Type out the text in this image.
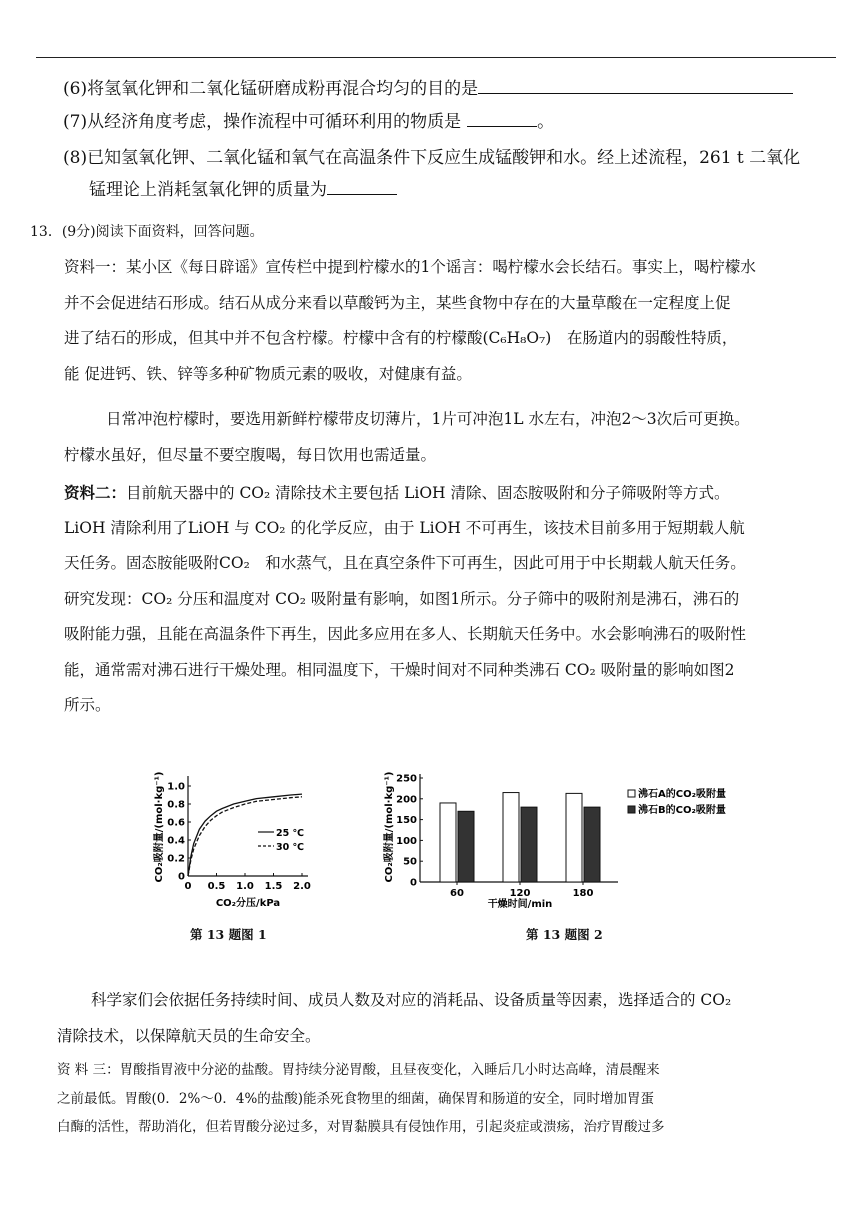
(6)将氢氧化钾和二氧化锰研磨成粉再混合均匀的目的是
(7)从经济角度考虑，操作流程中可循环利用的物质是	。
(8)已知氢氧化钾、二氧化锰和氧气在高温条件下反应生成锰酸钾和水。经上述流程，261 t 二氧化
锰理论上消耗氢氧化钾的质量为
13．(9分)阅读下面资料，回答问题。
资料一：某小区《每日辟谣》宣传栏中提到柠檬水的1个谣言：喝柠檬水会长结石。事实上，喝柠檬水
并不会促进结石形成。结石从成分来看以草酸钙为主，某些食物中存在的大量草酸在一定程度上促
进了结石的形成，但其中并不包含柠檬。柠檬中含有的柠檬酸(C₆H₈O₇)　在肠道内的弱酸性特质，
能 促进钙、铁、锌等多种矿物质元素的吸收，对健康有益。
日常冲泡柠檬时，要选用新鲜柠檬带皮切薄片，1片可冲泡1L 水左右，冲泡2～3次后可更换。
柠檬水虽好，但尽量不要空腹喝，每日饮用也需适量。
资料二：目前航天器中的 CO₂ 清除技术主要包括 LiOH 清除、固态胺吸附和分子筛吸附等方式。
LiOH 清除利用了LiOH 与 CO₂ 的化学反应，由于 LiOH 不可再生，该技术目前多用于短期载人航
天任务。固态胺能吸附CO₂　和水蒸气，且在真空条件下可再生，因此可用于中长期载人航天任务。
研究发现：CO₂ 分压和温度对 CO₂ 吸附量有影响，如图1所示。分子筛中的吸附剂是沸石，沸石的
吸附能力强，且能在高温条件下再生，因此多应用在多人、长期航天任务中。水会影响沸石的吸附性
能，通常需对沸石进行干燥处理。相同温度下，干燥时间对不同种类沸石 CO₂ 吸附量的影响如图2
所示。
CO₂吸附量/(mol·kg⁻¹) 0
0.2
0.4
0.6
0.8
1.0
0 0.5 1.0 1.5 2.0
25 ℃
30 ℃
CO₂分压/kPa
第 13 题图 1
CO₂吸附量/(mol·kg⁻¹)
0
50
100
150
200
250
60	120	180
沸石A的CO₂吸附量
沸石B的CO₂吸附量
干燥时间/min
第 13 题图 2
科学家们会依据任务持续时间、成员人数及对应的消耗品、设备质量等因素，选择适合的 CO₂
清除技术，以保障航天员的生命安全。
资 料 三：胃酸指胃液中分泌的盐酸。胃持续分泌胃酸，且昼夜变化，入睡后几小时达高峰，清晨醒来
之前最低。胃酸(0．2%～0．4%的盐酸)能杀死食物里的细菌，确保胃和肠道的安全，同时增加胃蛋
白酶的活性，帮助消化，但若胃酸分泌过多，对胃黏膜具有侵蚀作用，引起炎症或溃疡，治疗胃酸过多
